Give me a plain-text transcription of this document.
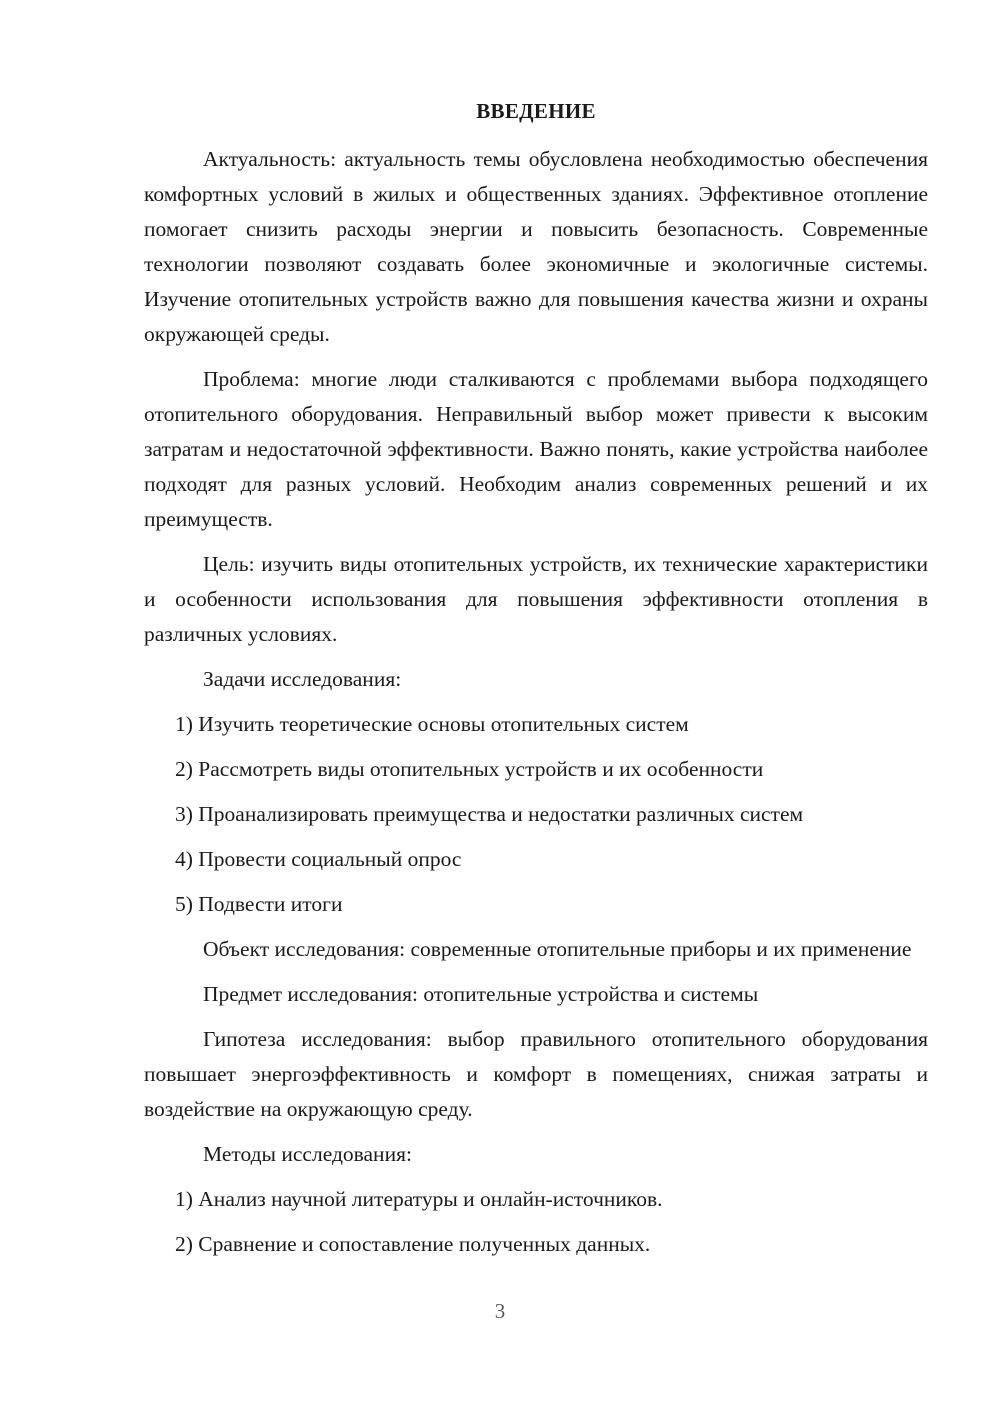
ВВЕДЕНИЕ

Актуальность: актуальность темы обусловлена необходимостью обеспечения комфортных условий в жилых и общественных зданиях. Эффективное отопление помогает снизить расходы энергии и повысить безопасность. Современные технологии позволяют создавать более экономичные и экологичные системы. Изучение отопительных устройств важно для повышения качества жизни и охраны окружающей среды.

Проблема: многие люди сталкиваются с проблемами выбора подходящего отопительного оборудования. Неправильный выбор может привести к высоким затратам и недостаточной эффективности. Важно понять, какие устройства наиболее подходят для разных условий. Необходим анализ современных решений и их преимуществ.

Цель: изучить виды отопительных устройств, их технические характеристики и особенности использования для повышения эффективности отопления в различных условиях.

Задачи исследования:

1) Изучить теоретические основы отопительных систем

2) Рассмотреть виды отопительных устройств и их особенности

3) Проанализировать преимущества и недостатки различных систем

4) Провести социальный опрос

5) Подвести итоги

Объект исследования: современные отопительные приборы и их применение

Предмет исследования: отопительные устройства и системы

Гипотеза исследования: выбор правильного отопительного оборудования повышает энергоэффективность и комфорт в помещениях, снижая затраты и воздействие на окружающую среду.

Методы исследования:

1) Анализ научной литературы и онлайн-источников.

2) Сравнение и сопоставление полученных данных.

3
